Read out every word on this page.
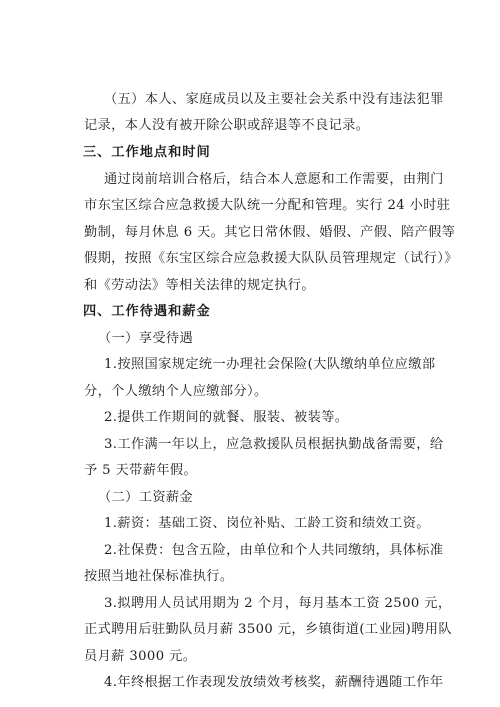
（五）本人、家庭成员以及主要社会关系中没有违法犯罪
记录，本人没有被开除公职或辞退等不良记录。
三、工作地点和时间
通过岗前培训合格后，结合本人意愿和工作需要，由荆门
市东宝区综合应急救援大队统一分配和管理。实行 24 小时驻
勤制，每月休息 6 天。其它日常休假、婚假、产假、陪产假等
假期，按照《东宝区综合应急救援大队队员管理规定（试行）》
和《劳动法》等相关法律的规定执行。
四、工作待遇和薪金
（一）享受待遇
1.按照国家规定统一办理社会保险(大队缴纳单位应缴部
分，个人缴纳个人应缴部分）。
2.提供工作期间的就餐、服装、被装等。
3.工作满一年以上，应急救援队员根据执勤战备需要，给
予 5 天带薪年假。
（二）工资薪金
1.薪资：基础工资、岗位补贴、工龄工资和绩效工资。
2.社保费：包含五险，由单位和个人共同缴纳，具体标准
按照当地社保标准执行。
3.拟聘用人员试用期为 2 个月，每月基本工资 2500 元，
正式聘用后驻勤队员月薪 3500 元，乡镇街道(工业园)聘用队
员月薪 3000 元。
4.年终根据工作表现发放绩效考核奖，薪酬待遇随工作年
